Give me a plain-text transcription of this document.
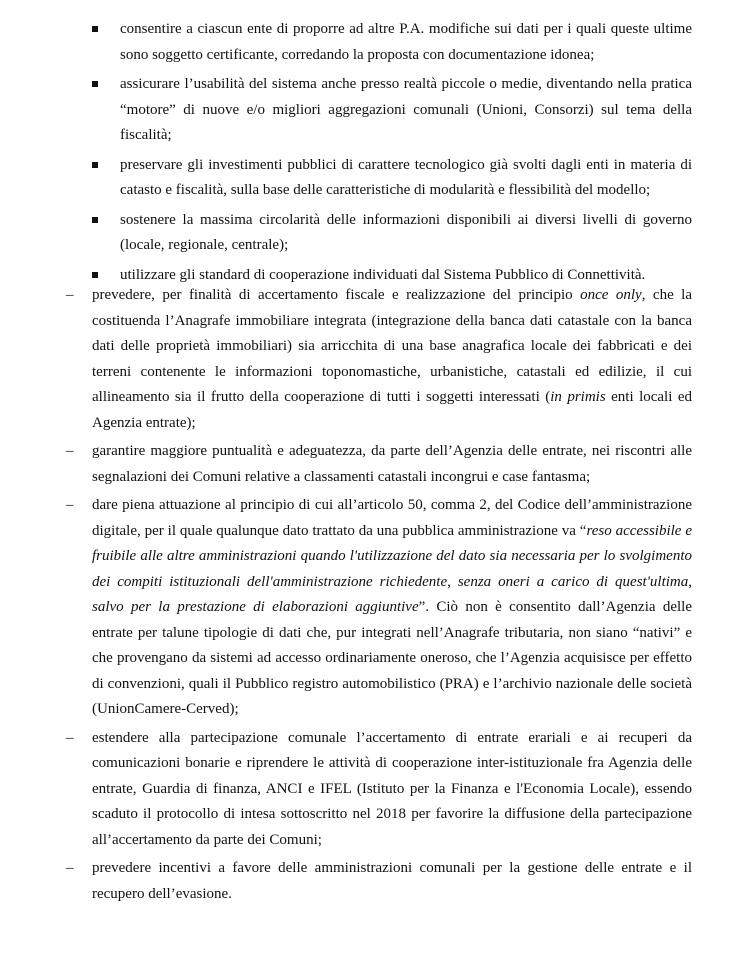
consentire a ciascun ente di proporre ad altre P.A. modifiche sui dati per i quali queste ultime sono soggetto certificante, corredando la proposta con documentazione idonea;
assicurare l’usabilità del sistema anche presso realtà piccole o medie, diventando nella pratica “motore” di nuove e/o migliori aggregazioni comunali (Unioni, Consorzi) sul tema della fiscalità;
preservare gli investimenti pubblici di carattere tecnologico già svolti dagli enti in materia di catasto e fiscalità, sulla base delle caratteristiche di modularità e flessibilità del modello;
sostenere la massima circolarità delle informazioni disponibili ai diversi livelli di governo (locale, regionale, centrale);
utilizzare gli standard di cooperazione individuati dal Sistema Pubblico di Connettività.
– prevedere, per finalità di accertamento fiscale e realizzazione del principio once only, che la costituenda l’Anagrafe immobiliare integrata (integrazione della banca dati catastale con la banca dati delle proprietà immobiliari) sia arricchita di una base anagrafica locale dei fabbricati e dei terreni contenente le informazioni toponomastiche, urbanistiche, catastali ed edilizie, il cui allineamento sia il frutto della cooperazione di tutti i soggetti interessati (in primis enti locali ed Agenzia entrate);
– garantire maggiore puntualità e adeguatezza, da parte dell’Agenzia delle entrate, nei riscontri alle segnalazioni dei Comuni relative a classamenti catastali incongrui e case fantasma;
– dare piena attuazione al principio di cui all’articolo 50, comma 2, del Codice dell’amministrazione digitale, per il quale qualunque dato trattato da una pubblica amministrazione va “reso accessibile e fruibile alle altre amministrazioni quando l'utilizzazione del dato sia necessaria per lo svolgimento dei compiti istituzionali dell'amministrazione richiedente, senza oneri a carico di quest'ultima, salvo per la prestazione di elaborazioni aggiuntive”. Ciò non è consentito dall’Agenzia delle entrate per talune tipologie di dati che, pur integrati nell’Anagrafe tributaria, non siano “nativi” e che provengano da sistemi ad accesso ordinariamente oneroso, che l’Agenzia acquisisce per effetto di convenzioni, quali il Pubblico registro automobilistico (PRA) e l’archivio nazionale delle società (UnionCamere-Cerved);
– estendere alla partecipazione comunale l’accertamento di entrate erariali e ai recuperi da comunicazioni bonarie e riprendere le attività di cooperazione inter-istituzionale fra Agenzia delle entrate, Guardia di finanza, ANCI e IFEL (Istituto per la Finanza e l'Economia Locale), essendo scaduto il protocollo di intesa sottoscritto nel 2018 per favorire la diffusione della partecipazione all’accertamento da parte dei Comuni;
– prevedere incentivi a favore delle amministrazioni comunali per la gestione delle entrate e il recupero dell’evasione.
